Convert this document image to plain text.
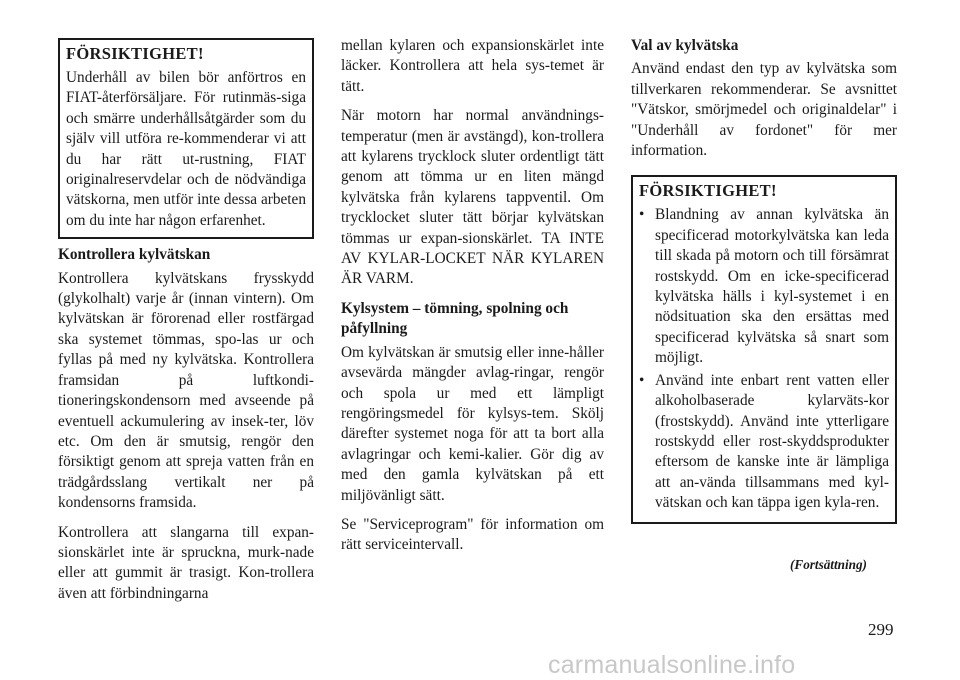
FÖRSIKTIGHET!

Underhåll av bilen bör anförtros en FIAT-återförsäljare. För rutinmäs-siga och smärre underhållsåtgärder som du själv vill utföra re-kommenderar vi att du har rätt ut-rustning, FIAT originalreservdelar och de nödvändiga vätskorna, men utför inte dessa arbeten om du inte har någon erfarenhet.

Kontrollera kylvätskan

Kontrollera kylvätskans frysskydd (glykolhalt) varje år (innan vintern). Om kylvätskan är förorenad eller rostfärgad ska systemet tömmas, spo-las ur och fyllas på med ny kylvätska. Kontrollera framsidan på luftkondi-tioneringskondensorn med avseende på eventuell ackumulering av insek-ter, löv etc. Om den är smutsig, rengör den försiktigt genom att spreja vatten från en trädgårdsslang vertikalt ner på kondensorns framsida.

Kontrollera att slangarna till expan-sionskärlet inte är spruckna, murk-nade eller att gummit är trasigt. Kon-trollera även att förbindningarna

mellan kylaren och expansionskärlet inte läcker. Kontrollera att hela sys-temet är tätt.

När motorn har normal användnings-temperatur (men är avstängd), kon-trollera att kylarens trycklock sluter ordentligt tätt genom att tömma ur en liten mängd kylvätska från kylarens tappventil. Om trycklocket sluter tätt börjar kylvätskan tömmas ur expan-sionskärlet. TA INTE AV KYLAR-LOCKET NÄR KYLAREN ÄR VARM.

Kylsystem – tömning, spolning och påfyllning

Om kylvätskan är smutsig eller inne-håller avsevärda mängder avlag-ringar, rengör och spola ur med ett lämpligt rengöringsmedel för kylsys-tem. Skölj därefter systemet noga för att ta bort alla avlagringar och kemi-kalier. Gör dig av med den gamla kylvätskan på ett miljövänligt sätt.

Se "Serviceprogram" för information om rätt serviceintervall.

Val av kylvätska

Använd endast den typ av kylvätska som tillverkaren rekommenderar. Se avsnittet "Vätskor, smörjmedel och originaldelar" i "Underhåll av fordonet" för mer information.

FÖRSIKTIGHET!
• Blandning av annan kylvätska än specificerad motorkylvätska kan leda till skada på motorn och till försämrat rostskydd. Om en icke-specificerad kylvätska hälls i kyl-systemet i en nödsituation ska den ersättas med specificerad kylvätska så snart som möjligt.
• Använd inte enbart rent vatten eller alkoholbaserade kylarväts-kor (frostskydd). Använd inte ytterligare rostskydd eller rost-skyddsprodukter eftersom de kanske inte är lämpliga att an-vända tillsammans med kyl-vätskan och kan täppa igen kyla-ren.
(Fortsättning)
299
carmanualsonline.info
